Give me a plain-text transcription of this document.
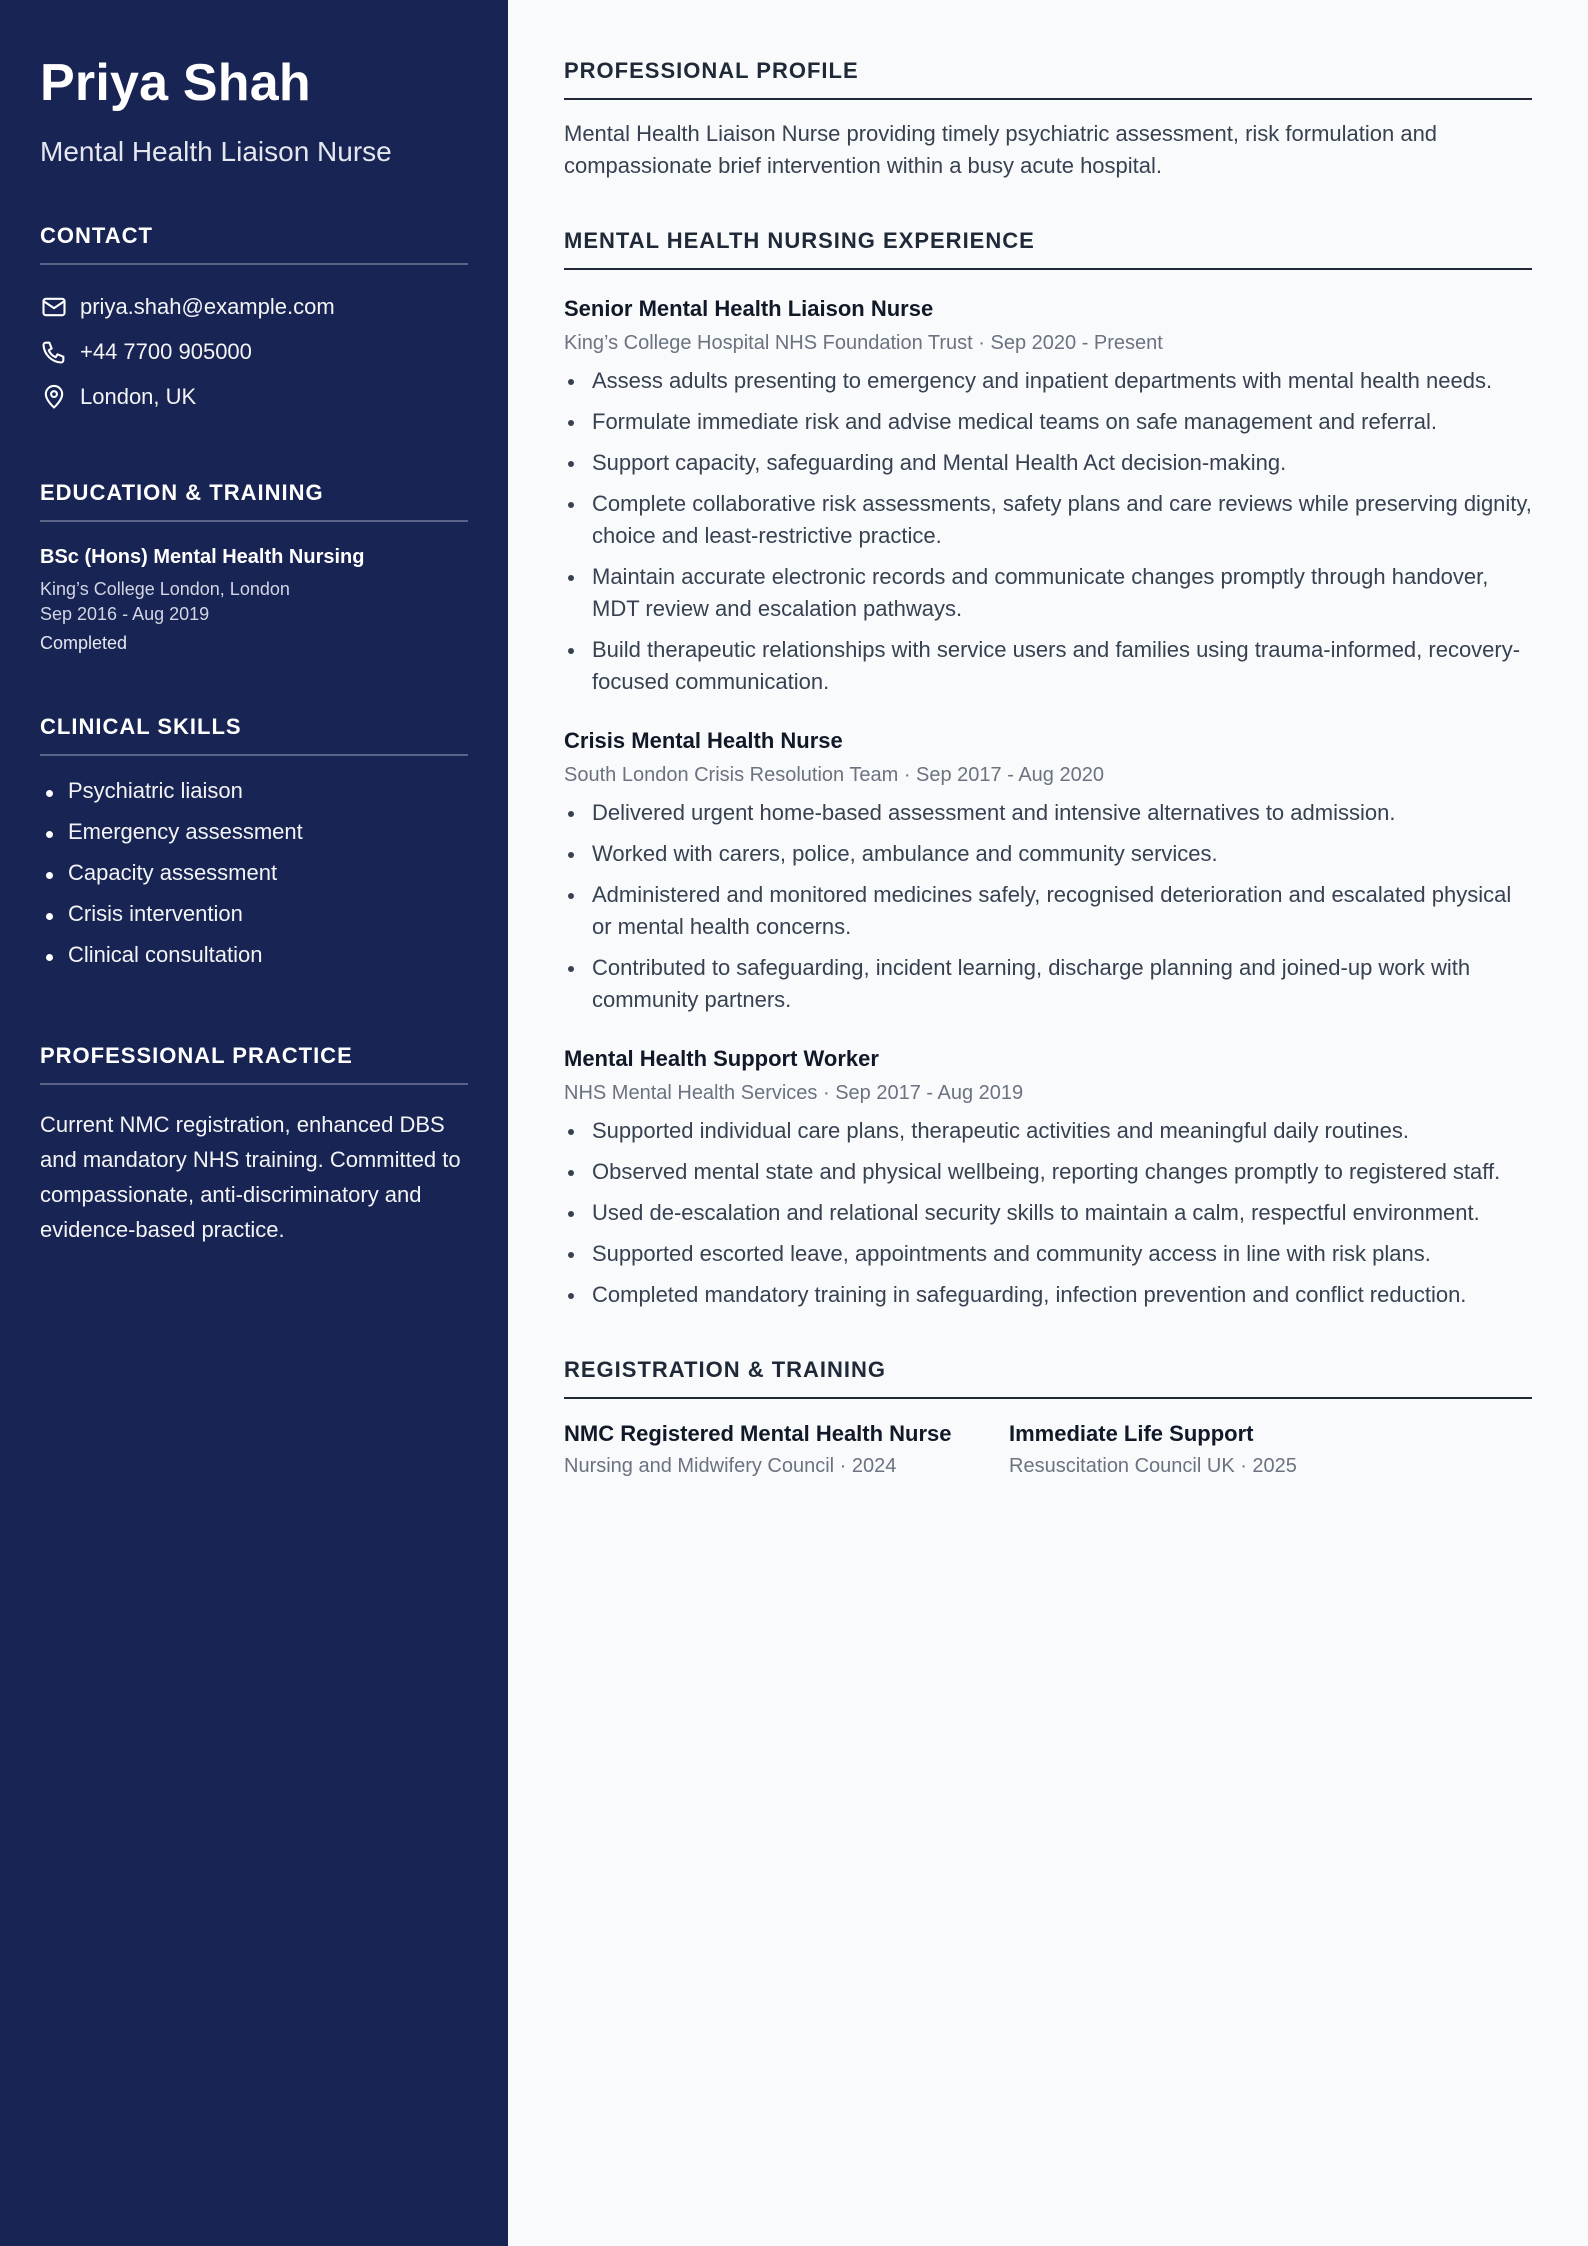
Priya Shah
Mental Health Liaison Nurse
CONTACT
priya.shah@example.com
+44 7700 905000
London, UK
EDUCATION & TRAINING
BSc (Hons) Mental Health Nursing
King’s College London, London
Sep 2016 - Aug 2019
Completed
CLINICAL SKILLS
Psychiatric liaison
Emergency assessment
Capacity assessment
Crisis intervention
Clinical consultation
PROFESSIONAL PRACTICE

Current NMC registration, enhanced DBS and mandatory NHS training. Committed to compassionate, anti-discriminatory and evidence-based practice.

PROFESSIONAL PROFILE

Mental Health Liaison Nurse providing timely psychiatric assessment, risk formulation and compassionate brief intervention within a busy acute hospital.

MENTAL HEALTH NURSING EXPERIENCE
Senior Mental Health Liaison Nurse
King’s College Hospital NHS Foundation Trust · Sep 2020 - Present
Assess adults presenting to emergency and inpatient departments with mental health needs.
Formulate immediate risk and advise medical teams on safe management and referral.
Support capacity, safeguarding and Mental Health Act decision-making.
Complete collaborative risk assessments, safety plans and care reviews while preserving dignity, choice and least-restrictive practice.
Maintain accurate electronic records and communicate changes promptly through handover, MDT review and escalation pathways.
Build therapeutic relationships with service users and families using trauma-informed, recovery-focused communication.
Crisis Mental Health Nurse
South London Crisis Resolution Team · Sep 2017 - Aug 2020
Delivered urgent home-based assessment and intensive alternatives to admission.
Worked with carers, police, ambulance and community services.
Administered and monitored medicines safely, recognised deterioration and escalated physical or mental health concerns.
Contributed to safeguarding, incident learning, discharge planning and joined-up work with community partners.
Mental Health Support Worker
NHS Mental Health Services · Sep 2017 - Aug 2019
Supported individual care plans, therapeutic activities and meaningful daily routines.
Observed mental state and physical wellbeing, reporting changes promptly to registered staff.
Used de-escalation and relational security skills to maintain a calm, respectful environment.
Supported escorted leave, appointments and community access in line with risk plans.
Completed mandatory training in safeguarding, infection prevention and conflict reduction.
REGISTRATION & TRAINING
NMC Registered Mental Health Nurse
Nursing and Midwifery Council · 2024
Immediate Life Support
Resuscitation Council UK · 2025
